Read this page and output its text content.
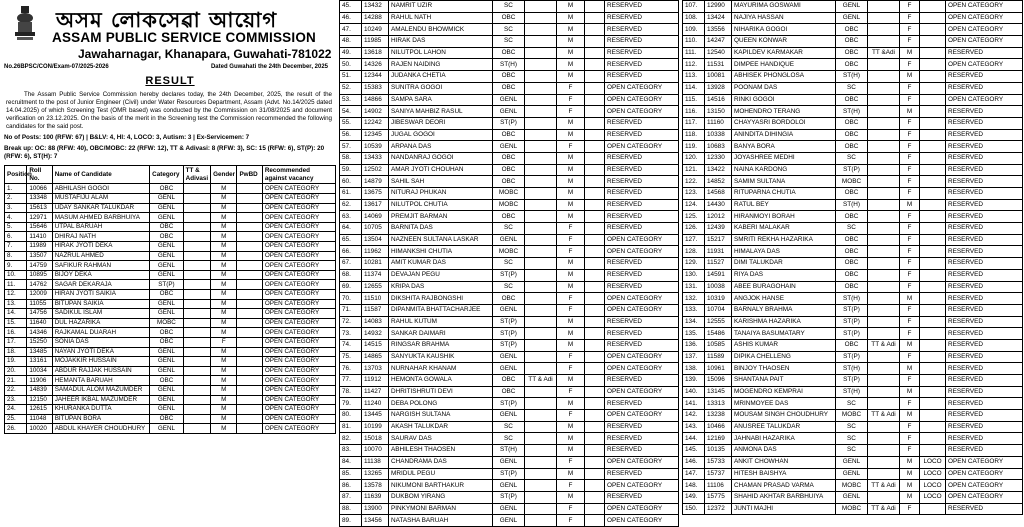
অসম লোকসেৱা আয়োগ
ASSAM PUBLIC SERVICE COMMISSION
Jawaharnagar, Khanapara, Guwahati-781022
No.26BPSC/CON/Exam-07/2025-2026	Dated Guwahati the 24th December, 2025
RESULT
The Assam Public Service Commission hereby declares today, the 24th December, 2025, the result of the recruitment to the post of Junior Engineer (Civil) under Water Resources Department, Assam (Advt. No.14/2025 dated 14.04.2025) of which Screening Test (OMR based) was conducted by the Commission on 31/08/2025 and document verification on 23.12.2025. On the basis of the merit in the Screening test the Commission recommended the following candidates for the said post.
No of Posts: 100 (RFW: 67) | B&LV: 4, HI: 4, LOCO: 3, Autism: 3 | Ex-Servicemen: 7
Break up: OC: 88 (RFW: 40), OBC/MOBC: 22 (RFW: 12), TT & Adivasi: 8 (RFW: 3), SC: 15 (RFW: 6), ST(P): 20 (RFW: 6), ST(H): 7
Position	Roll No.	Name of Candidate	Category	TT & Adivasi	Gender	PwBD	Recommended against vacancy
1.	10066	ABHILASH GOGOI	OBC		M		OPEN CATEGORY
2.	13348	MUSTAFIJU ALAM	GENL		M		OPEN CATEGORY
3.	15613	UDAY SANKAR TALUKDAR	GENL		M		OPEN CATEGORY
4.	12971	MASUM AHMED BARBHUIYA	GENL		M		OPEN CATEGORY
5.	15646	UTPAL BARUAH	OBC		M		OPEN CATEGORY
6.	11410	DHIRAJ NATH	OBC		M		OPEN CATEGORY
7.	11989	HIRAK JYOTI DEKA	GENL		M		OPEN CATEGORY
8.	13507	NAZRUL AHMED	GENL		M		OPEN CATEGORY
9.	14759	SAFIKUR RAHMAN	GENL		M		OPEN CATEGORY
10.	10895	BIJOY DEKA	GENL		M		OPEN CATEGORY
11.	14762	SAGAR DEKARAJA	ST(P)		M		OPEN CATEGORY
12.	12009	HIRAN JYOTI SAIKIA	OBC		M		OPEN CATEGORY
13.	11055	BITUPAN SAIKIA	GENL		M		OPEN CATEGORY
14.	14756	SADIKUL ISLAM	GENL		M		OPEN CATEGORY
15.	11640	DUL HAZARIKA	MOBC		M		OPEN CATEGORY
16.	14346	RAJKAMAL DUARAH	OBC		M		OPEN CATEGORY
17.	15250	SONIA DAS	OBC		F		OPEN CATEGORY
18.	13485	NAYAN JYOTI DEKA	GENL		M		OPEN CATEGORY
19.	13161	MOJAKKIR HUSSAIN	GENL		M		OPEN CATEGORY
20.	10034	ABDUR RAJJAK HUSSAIN	GENL		M		OPEN CATEGORY
21.	11906	HEMANTA BARUAH	OBC		M		OPEN CATEGORY
22.	14839	SAMADUL ALOM MAZUMDER	GENL		M		OPEN CATEGORY
23.	12150	JAHEER IKBAL MAZUMDER	GENL		M		OPEN CATEGORY
24.	12615	KHURANKA DUTTA	GENL		M		OPEN CATEGORY
25.	11048	BITUPAN BORA	OBC		M		OPEN CATEGORY
26.	10020	ABDUL KHAYER CHOUDHURY	GENL		M		OPEN CATEGORY
45.	13432	NAMRIT UZIR	SC		M		RESERVED
46.	14288	RAHUL NATH	OBC		M		RESERVED
47.	10249	AMALENDU BHOWMICK	SC		M		RESERVED
48.	11985	HIRAK DAS	SC		M		RESERVED
49.	13618	NILUTPOL LAHON	OBC		M		RESERVED
50.	14326	RAJEN NAIDING	ST(H)		M		RESERVED
51.	12344	JUDANKA CHETIA	OBC		M		RESERVED
52.	15383	SUNITRA GOGOI	OBC		F		OPEN CATEGORY
53.	14866	SAMPA SARA	GENL		F		OPEN CATEGORY
54.	14902	SANIYA MAHBIZ RASUL	GENL		F		OPEN CATEGORY
55.	12242	JIBESWAR DEORI	ST(P)		M		RESERVED
56.	12345	JUGAL GOGOI	OBC		M		RESERVED
57.	10539	ARPANA DAS	GENL		F		OPEN CATEGORY
58.	13433	NANDANRAJ GOGOI	OBC		M		RESERVED
59.	12502	AMAR JYOTI CHOUHAN	OBC		M		RESERVED
60.	14879	SAHIL SAH	OBC		M		RESERVED
61.	13675	NITURAJ PHUKAN	MOBC		M		RESERVED
62.	13617	NILUTPOL CHUTIA	MOBC		M		RESERVED
63.	14069	PREMJIT BARMAN	OBC		M		RESERVED
64.	10705	BARNITA DAS	SC		F		RESERVED
65.	13504	NAZNEEN SULTANA LASKAR	GENL		F		OPEN CATEGORY
66.	11962	HIMANKSHI CHUTIA	MOBC		F		OPEN CATEGORY
67.	10281	AMIT KUMAR DAS	SC		M		RESERVED
68.	11374	DEVAJAN PEGU	ST(P)		M		RESERVED
69.	12655	KRIPA DAS	SC		M		RESERVED
70.	11510	DIKSHITA RAJBONGSHI	OBC		F		OPEN CATEGORY
71.	11587	DIPANMITA BHATTACHARJEE	GENL		F		OPEN CATEGORY
72.	14083	RAHUL KUTUM	ST(P)		M		RESERVED
73.	14932	SANKAR DAIMARI	ST(P)		M		RESERVED
74.	14515	RINGSAR BRAHMA	ST(P)		M		RESERVED
75.	14865	SANYUKTA KAUSHIK	GENL		F		OPEN CATEGORY
76.	13703	NURNAHAR KHANAM	GENL		F		OPEN CATEGORY
77.	11912	HEMONTA GOWALA	OBC	TT & Adi	M		RESERVED
78.	11427	DHRITISHRUTI DEVI	OBC		F		OPEN CATEGORY
79.	11240	DEBA POLONG	ST(P)		M		RESERVED
80.	13445	NARGISH SULTANA	GENL		F		OPEN CATEGORY
81.	10199	AKASH TALUKDAR	SC		M		RESERVED
82.	15018	SAURAV DAS	SC		M		RESERVED
83.	10070	ABHILESH THAOSEN	ST(H)		M		RESERVED
84.	11138	CHANDRAMA DAS	GENL		F		OPEN CATEGORY
85.	13265	MRIDUL PEGU	ST(P)		M		RESERVED
86.	13578	NIKUMONI BARTHAKUR	GENL		F		OPEN CATEGORY
87.	11639	DUKBOM YIRANG	ST(P)		M		RESERVED
88.	13900	PINKYMONI BARMAN	GENL		F		OPEN CATEGORY
89.	13456	NATASHA BARUAH	GENL		F		OPEN CATEGORY
107.	12990	MAYURIMA GOSWAMI	GENL		F		OPEN CATEGORY
108.	13424	NAJIYA HASSAN	GENL		F		OPEN CATEGORY
109.	13556	NIHARIKA GOGOI	OBC		F		OPEN CATEGORY
110.	14247	QUEEN KONWAR	OBC		F		OPEN CATEGORY
111.	12540	KAPILDEV KARMAKAR	OBC	TT &Adi	M		RESERVED
112.	11531	DIMPEE HANDIQUE	OBC		F		OPEN CATEGORY
113.	10081	ABHISEK PHONGLOSA	ST(H)		M		RESERVED
114.	13928	POONAM DAS	SC		F		RESERVED
115.	14516	RINKI GOGOI	OBC		F		OPEN CATEGORY
116.	13150	MOHENDRO TERANG	ST(H)		M		RESERVED
117.	11160	CHAYYASRI BORDOLOI	OBC		F		RESERVED
118.	10338	ANINDITA DIHINGIA	OBC		F		RESERVED
119.	10683	BANYA BORA	OBC		F		RESERVED
120.	12330	JOYASHREE MEDHI	SC		F		RESERVED
121.	13422	NAINA KARDONG	ST(P)		F		RESERVED
122.	14852	SAMIM SULTANA	MOBC		F		RESERVED
123.	14568	RITUPARNA CHUTIA	OBC		F		RESERVED
124.	14430	RATUL BEY	ST(H)		M		RESERVED
125.	12012	HIRANMOYI BORAH	OBC		F		RESERVED
126.	12439	KABERI MALAKAR	SC		F		RESERVED
127.	15217	SMRITI REKHA HAZARIKA	OBC		F		RESERVED
128.	11931	HIMALAYA DAS	OBC		F		RESERVED
129.	11527	DIMI TALUKDAR	OBC		F		RESERVED
130.	14591	RIYA DAS	OBC		F		RESERVED
131.	10038	ABEE BURAGOHAIN	OBC		F		RESERVED
132.	10319	ANGJOK HANSE	ST(H)		M		RESERVED
133.	10704	BARNALY BRAHMA	ST(P)		F		RESERVED
134.	12555	KARISHMA HAZARIKA	ST(P)		F		RESERVED
135.	15486	TANAIYA BASUMATARY	ST(P)		F		RESERVED
136.	10585	ASHIS KUMAR	OBC	TT & Adi	M		RESERVED
137.	11589	DIPIKA CHELLENG	ST(P)		F		RESERVED
138.	10961	BINJOY THAOSEN	ST(H)		M		RESERVED
139.	15096	SHANTANA PAIT	ST(P)		F		RESERVED
140.	13145	MOGENDRO KEMPRAI	ST(H)		M		RESERVED
141.	13313	MRINMOYEE DAS	SC		F		RESERVED
142.	13238	MOUSAM SINGH CHOUDHURY	MOBC	TT & Adi	M		RESERVED
143.	10466	ANUSREE TALUKDAR	SC		F		RESERVED
144.	12169	JAHNABI HAZARIKA	SC		F		RESERVED
145.	10135	ANMONA DAS	SC		F		RESERVED
146.	15733	ANKIT CHOWHAN	GENL		M	LOCO	OPEN CATEGORY
147.	15737	HITESH BAISHYA	GENL		M	LOCO	OPEN CATEGORY
148.	11106	CHAMAN PRASAD VARMA	MOBC	TT & Adi	M	LOCO	OPEN CATEGORY
149.	15775	SHAHID AKHTAR BARBHUIYA	GENL		M	LOCO	OPEN CATEGORY
150.	12372	JUNTI MAJHI	MOBC	TT & Adi	F		RESERVED
